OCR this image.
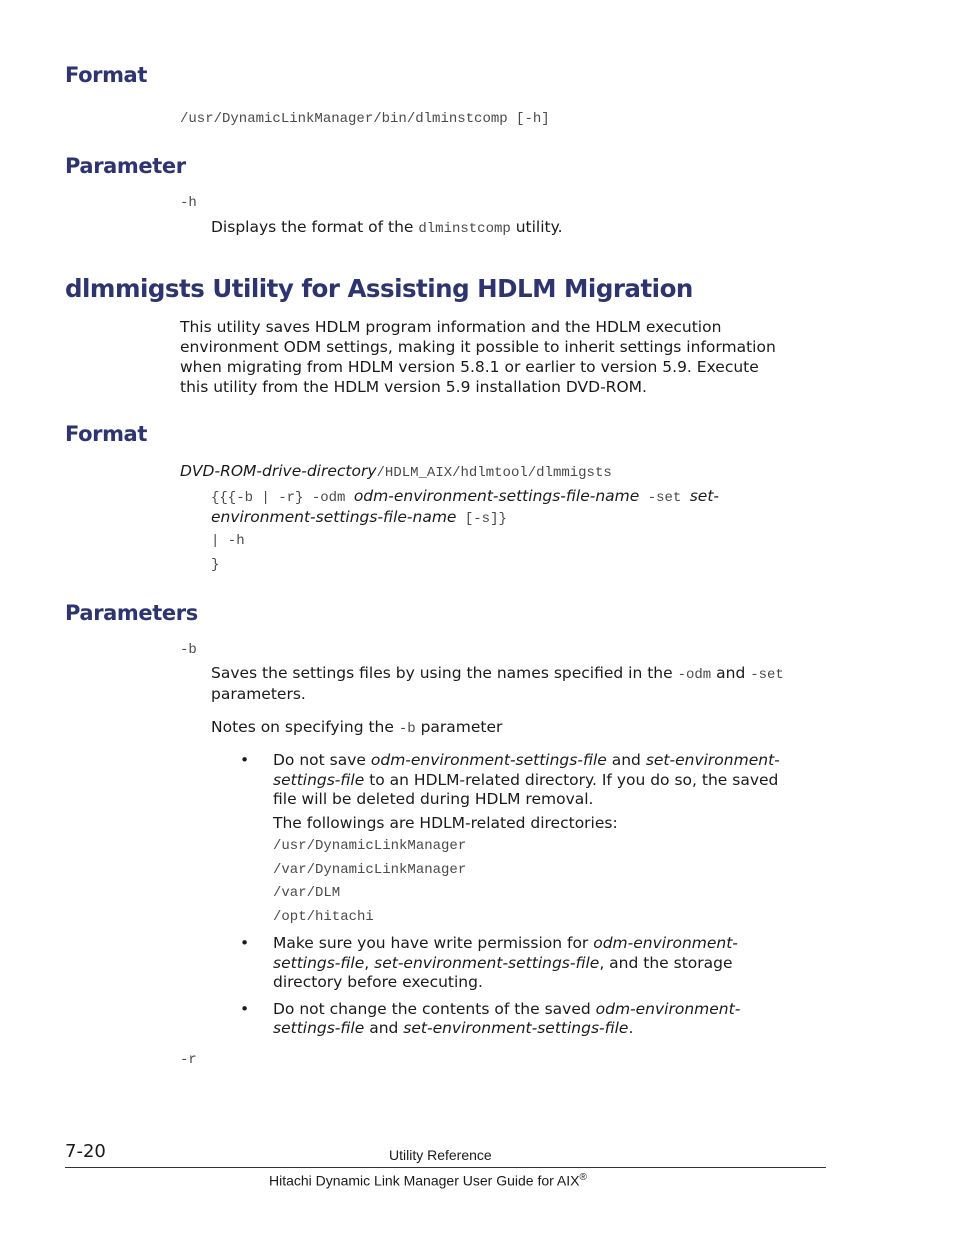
Format
/usr/DynamicLinkManager/bin/dlminstcomp [-h]
Parameter
-h
Displays the format of the dlminstcomp utility.
dlmmigsts Utility for Assisting HDLM Migration
This utility saves HDLM program information and the HDLM execution
environment ODM settings, making it possible to inherit settings information
when migrating from HDLM version 5.8.1 or earlier to version 5.9. Execute
this utility from the HDLM version 5.9 installation DVD-ROM.
Format
DVD-ROM-drive-directory/HDLM_AIX/hdlmtool/dlmmigsts
{{{-b | -r} -odm odm-environment-settings-file-name -set set-
environment-settings-file-name [-s]}
| -h
}
Parameters
-b
Saves the settings files by using the names specified in the -odm and -set
parameters.
Notes on specifying the -b parameter
• Do not save odm-environment-settings-file and set-environment-
settings-file to an HDLM-related directory. If you do so, the saved
file will be deleted during HDLM removal.
The followings are HDLM-related directories:
/usr/DynamicLinkManager
/var/DynamicLinkManager
/var/DLM
/opt/hitachi
• Make sure you have write permission for odm-environment-
settings-file, set-environment-settings-file, and the storage
directory before executing.
• Do not change the contents of the saved odm-environment-
settings-file and set-environment-settings-file.
-r
7-20	Utility Reference
Hitachi Dynamic Link Manager User Guide for AIX®
